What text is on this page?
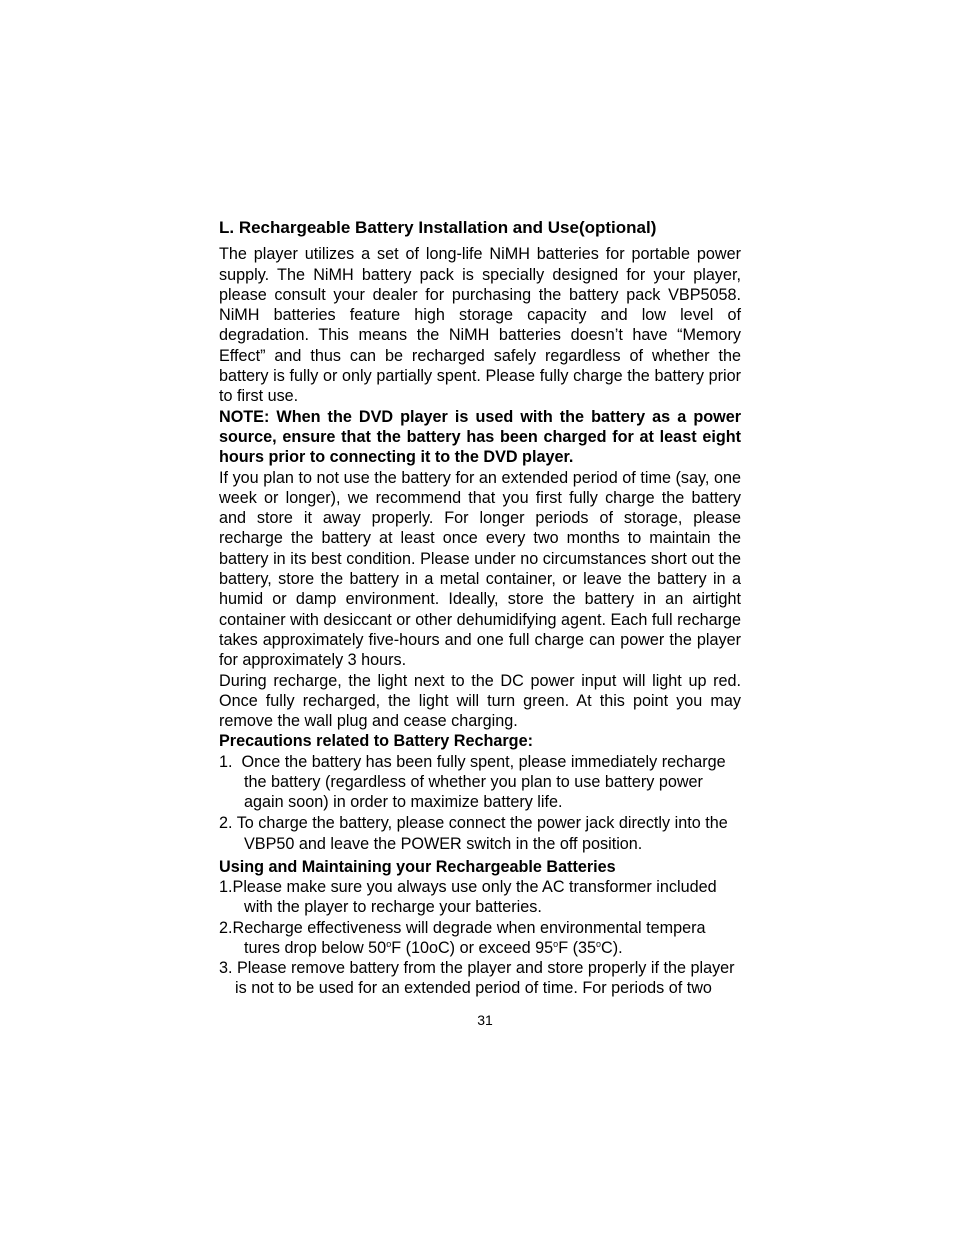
L. Rechargeable Battery Installation and Use(optional)
The player utilizes a set of long-life NiMH batteries for portable power supply. The NiMH battery pack is specially designed for your player, please consult your dealer for purchasing the battery pack VBP5058. NiMH batteries feature high storage capacity and low level of degradation. This means the NiMH batteries doesn’t have “Memory Effect” and thus can be recharged safely regardless of whether the battery is fully or only partially spent. Please fully charge the battery prior to first use.
NOTE: When the DVD player is used with the battery as a power source, ensure that the battery has been charged for at least eight hours prior to connecting it to the DVD player.
If you plan to not use the battery for an extended period of time (say, one week or longer), we recommend that you first fully charge the battery and store it away properly. For longer periods of storage, please recharge the battery at least once every two months to maintain the battery in its best condition. Please under no circumstances short out the battery, store the battery in a metal container, or leave the battery in a humid or damp environment. Ideally, store the battery in an airtight container with desiccant or other dehumidifying agent. Each full recharge takes approximately five-hours and one full charge can power the player for approximately 3 hours.
During recharge, the light next to the DC power input will light up red. Once fully recharged, the light will turn green. At this point you may remove the wall plug and cease charging.
Precautions related to Battery Recharge:
1.  Once the battery has been fully spent, please immediately recharge the battery (regardless of whether you plan to use battery power again soon) in order to maximize battery life.
2. To charge the battery, please connect the power jack directly into the VBP50 and leave the POWER switch in the off position.
Using and Maintaining your Rechargeable Batteries
1.Please make sure you always use only the AC transformer included with the player to recharge your batteries.
2.Recharge effectiveness will degrade when environmental tempera tures drop below 50$^o$F (10oC) or exceed 95$^o$F (35$^o$C).
3. Please remove battery from the player and store properly if the player is not to be used for an extended period of time. For periods of two
31
